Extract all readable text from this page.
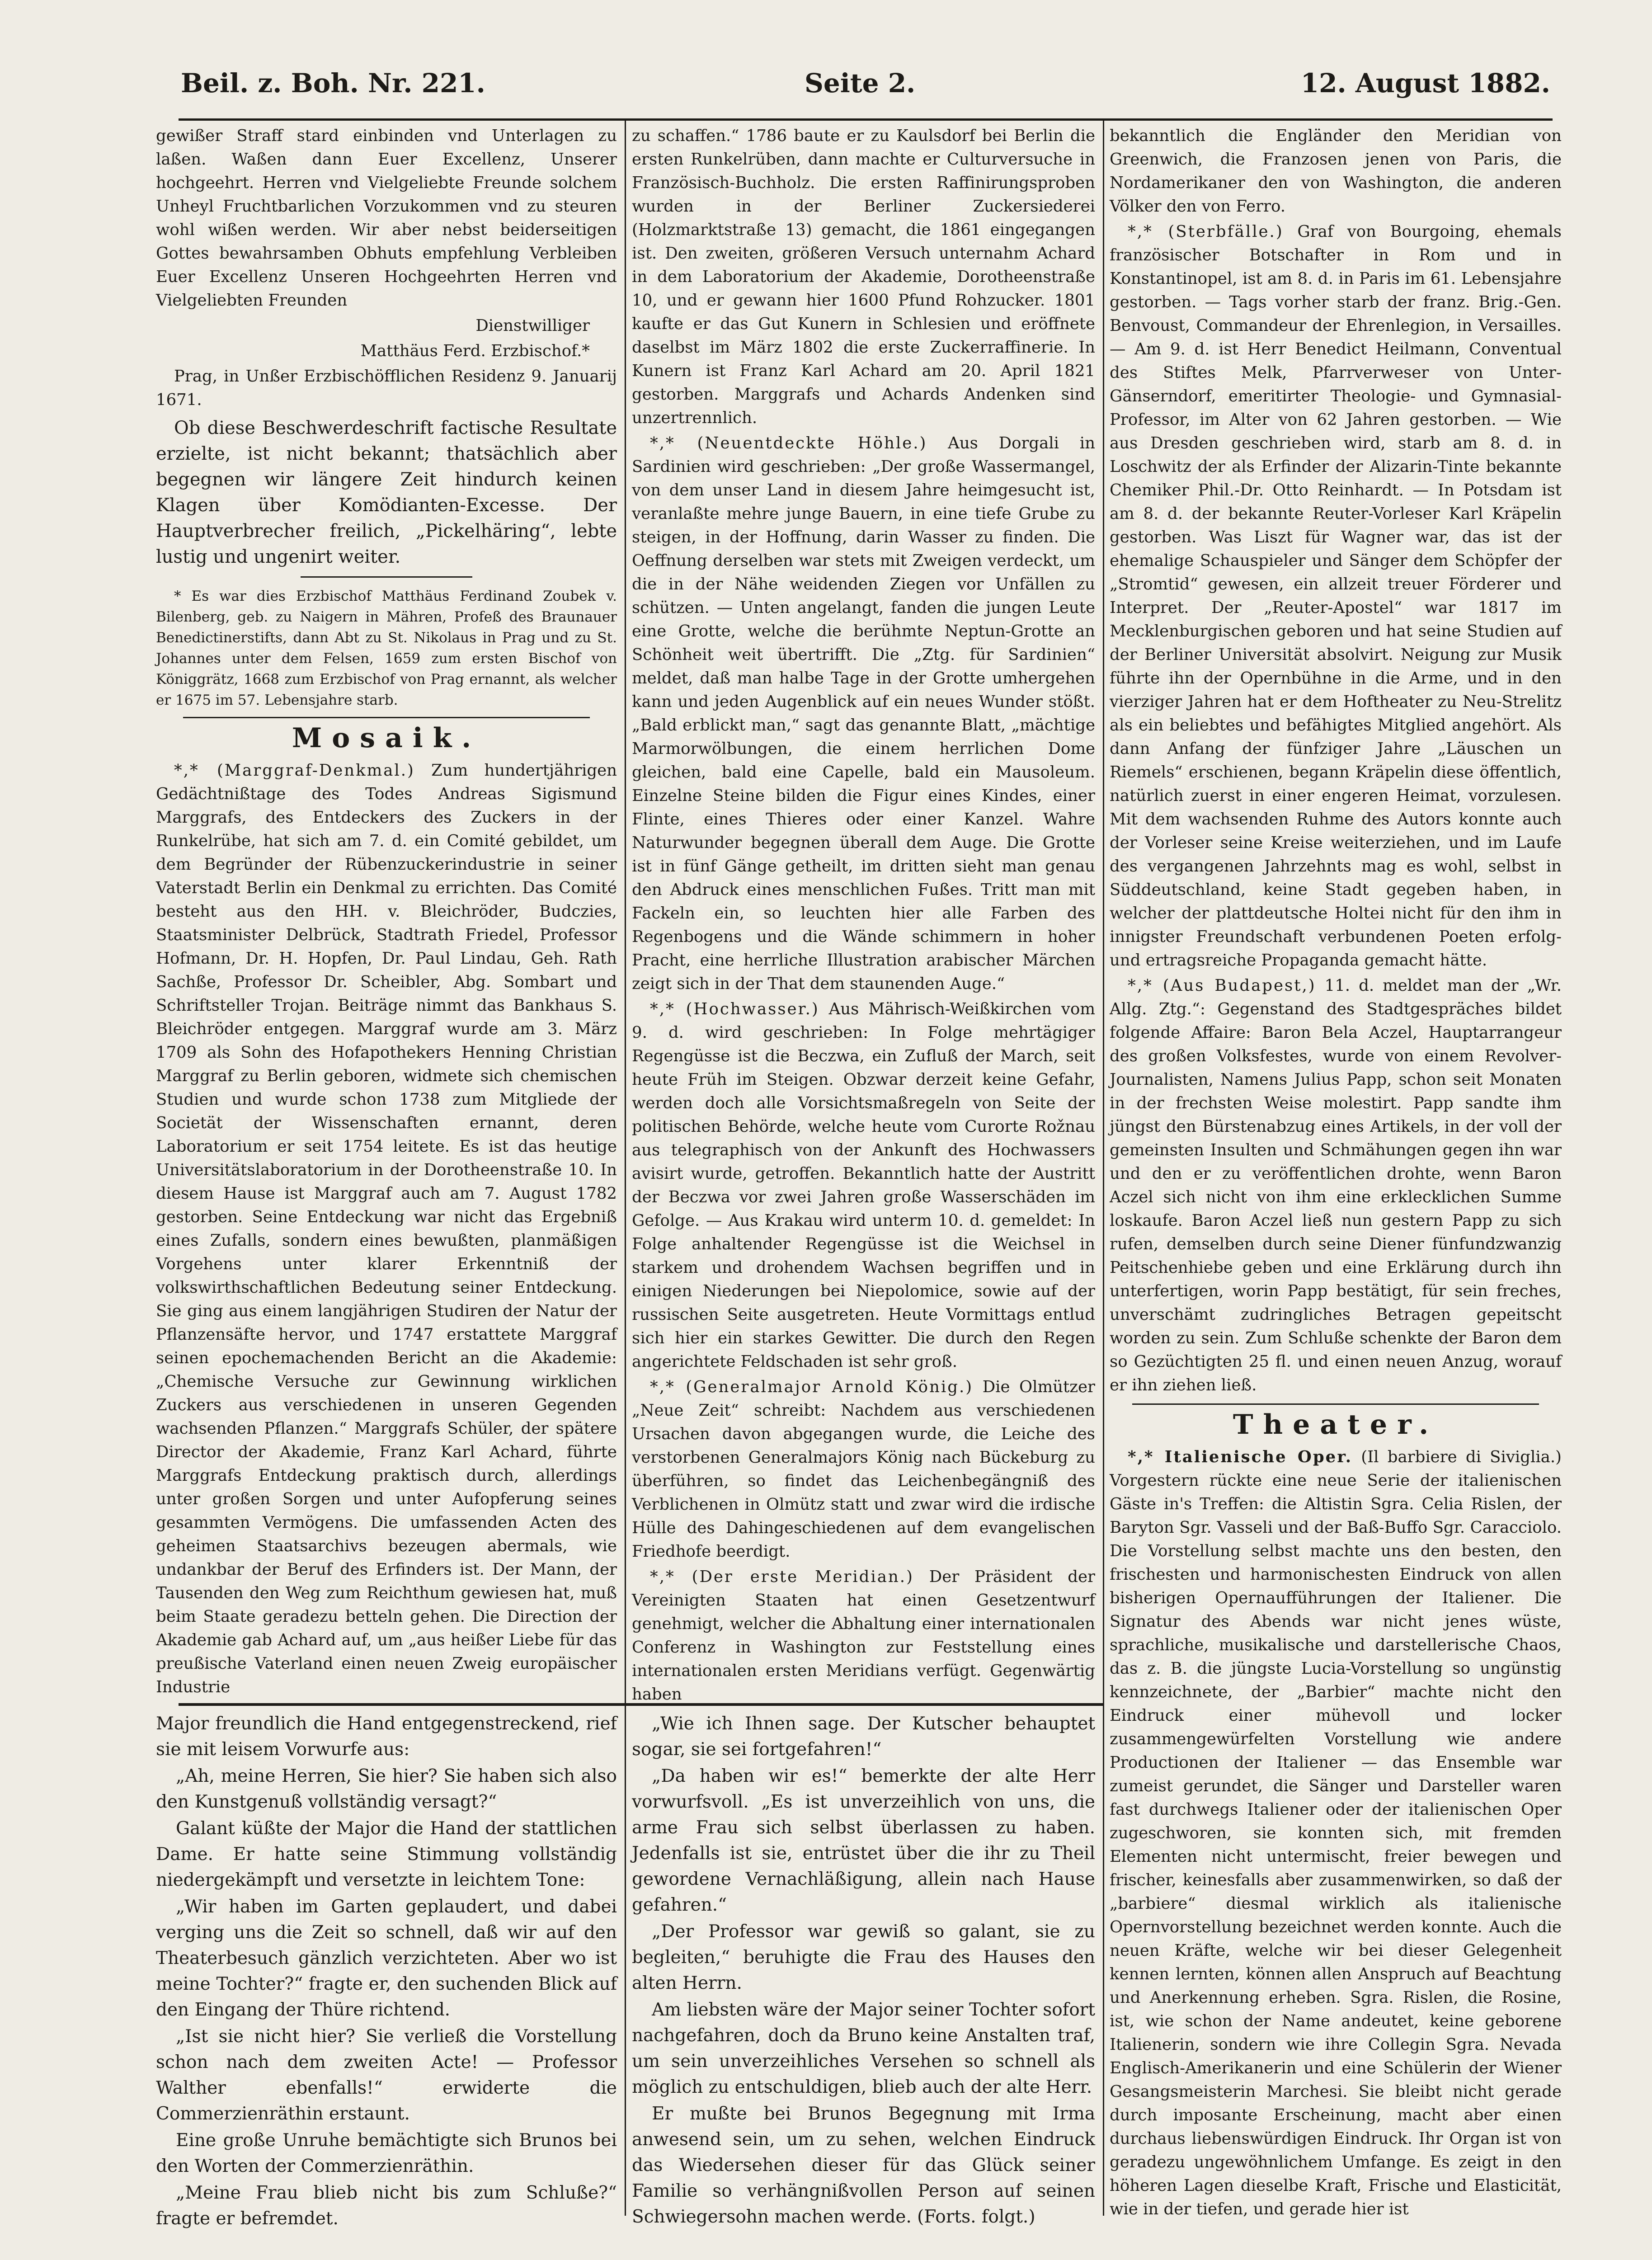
Beil. z. Boh. Nr. 221.	Seite 2.	12. August 1882.

gewißer Straff stard einbinden vnd Unterlagen zu laßen. Waßen dann Euer Excellenz, Unserer hochgeehrt. Herren vnd Vielgeliebte Freunde solchem Unheyl Fruchtbarlichen Vorzukommen vnd zu steuren wohl wißen werden. Wir aber nebst beiderseitigen Gottes bewahrsamben Obhuts empfehlung Verbleiben Euer Excellenz Unseren Hochgeehrten Herren vnd Vielgeliebten Freunden

Dienstwilliger

Matthäus Ferd. Erzbischof.*

Prag, in Unßer Erzbischöfflichen Residenz 9. Januarij 1671.

Ob diese Beschwerdeschrift factische Resultate erzielte, ist nicht bekannt; thatsächlich aber begegnen wir längere Zeit hindurch keinen Klagen über Komödianten-Excesse. Der Hauptverbrecher freilich, „Pickelhäring“, lebte lustig und ungenirt weiter.

* Es war dies Erzbischof Matthäus Ferdinand Zoubek v. Bilenberg, geb. zu Naigern in Mähren, Profeß des Braunauer Benedictinerstifts, dann Abt zu St. Nikolaus in Prag und zu St. Johannes unter dem Felsen, 1659 zum ersten Bischof von Königgrätz, 1668 zum Erzbischof von Prag ernannt, als welcher er 1675 im 57. Lebensjahre starb.

Mosaik.

*,* (Marggraf-Denkmal.) Zum hundertjährigen Gedächtnißtage des Todes Andreas Sigismund Marggrafs, des Entdeckers des Zuckers in der Runkelrübe, hat sich am 7. d. ein Comité gebildet, um dem Begründer der Rübenzuckerindustrie in seiner Vaterstadt Berlin ein Denkmal zu errichten. Das Comité besteht aus den HH. v. Bleichröder, Budczies, Staatsminister Delbrück, Stadtrath Friedel, Professor Hofmann, Dr. H. Hopfen, Dr. Paul Lindau, Geh. Rath Sachße, Professor Dr. Scheibler, Abg. Sombart und Schriftsteller Trojan. Beiträge nimmt das Bankhaus S. Bleichröder entgegen. Marggraf wurde am 3. März 1709 als Sohn des Hofapothekers Henning Christian Marggraf zu Berlin geboren, widmete sich chemischen Studien und wurde schon 1738 zum Mitgliede der Societät der Wissenschaften ernannt, deren Laboratorium er seit 1754 leitete. Es ist das heutige Universitätslaboratorium in der Dorotheenstraße 10. In diesem Hause ist Marggraf auch am 7. August 1782 gestorben. Seine Entdeckung war nicht das Ergebniß eines Zufalls, sondern eines bewußten, planmäßigen Vorgehens unter klarer Erkenntniß der volkswirthschaftlichen Bedeutung seiner Entdeckung. Sie ging aus einem langjährigen Studiren der Natur der Pflanzensäfte hervor, und 1747 erstattete Marggraf seinen epochemachenden Bericht an die Akademie: „Chemische Versuche zur Gewinnung wirklichen Zuckers aus verschiedenen in unseren Gegenden wachsenden Pflanzen.“ Marggrafs Schüler, der spätere Director der Akademie, Franz Karl Achard, führte Marggrafs Entdeckung praktisch durch, allerdings unter großen Sorgen und unter Aufopferung seines gesammten Vermögens. Die umfassenden Acten des geheimen Staatsarchivs bezeugen abermals, wie undankbar der Beruf des Erfinders ist. Der Mann, der Tausenden den Weg zum Reichthum gewiesen hat, muß beim Staate geradezu betteln gehen. Die Direction der Akademie gab Achard auf, um „aus heißer Liebe für das preußische Vaterland einen neuen Zweig europäischer Industrie

zu schaffen.“ 1786 baute er zu Kaulsdorf bei Berlin die ersten Runkelrüben, dann machte er Culturversuche in Französisch-Buchholz. Die ersten Raffinirungsproben wurden in der Berliner Zuckersiederei (Holzmarktstraße 13) gemacht, die 1861 eingegangen ist. Den zweiten, größeren Versuch unternahm Achard in dem Laboratorium der Akademie, Dorotheenstraße 10, und er gewann hier 1600 Pfund Rohzucker. 1801 kaufte er das Gut Kunern in Schlesien und eröffnete daselbst im März 1802 die erste Zuckerraffinerie. In Kunern ist Franz Karl Achard am 20. April 1821 gestorben. Marggrafs und Achards Andenken sind unzertrennlich.

*,* (Neuentdeckte Höhle.) Aus Dorgali in Sardinien wird geschrieben: „Der große Wassermangel, von dem unser Land in diesem Jahre heimgesucht ist, veranlaßte mehre junge Bauern, in eine tiefe Grube zu steigen, in der Hoffnung, darin Wasser zu finden. Die Oeffnung derselben war stets mit Zweigen verdeckt, um die in der Nähe weidenden Ziegen vor Unfällen zu schützen. — Unten angelangt, fanden die jungen Leute eine Grotte, welche die berühmte Neptun-Grotte an Schönheit weit übertrifft. Die „Ztg. für Sardinien“ meldet, daß man halbe Tage in der Grotte umhergehen kann und jeden Augenblick auf ein neues Wunder stößt. „Bald erblickt man,“ sagt das genannte Blatt, „mächtige Marmorwölbungen, die einem herrlichen Dome gleichen, bald eine Capelle, bald ein Mausoleum. Einzelne Steine bilden die Figur eines Kindes, einer Flinte, eines Thieres oder einer Kanzel. Wahre Naturwunder begegnen überall dem Auge. Die Grotte ist in fünf Gänge getheilt, im dritten sieht man genau den Abdruck eines menschlichen Fußes. Tritt man mit Fackeln ein, so leuchten hier alle Farben des Regenbogens und die Wände schimmern in hoher Pracht, eine herrliche Illustration arabischer Märchen zeigt sich in der That dem staunenden Auge.“

*,* (Hochwasser.) Aus Mährisch-Weißkirchen vom 9. d. wird geschrieben: In Folge mehrtägiger Regengüsse ist die Beczwa, ein Zufluß der March, seit heute Früh im Steigen. Obzwar derzeit keine Gefahr, werden doch alle Vorsichtsmaßregeln von Seite der politischen Behörde, welche heute vom Curorte Rožnau aus telegraphisch von der Ankunft des Hochwassers avisirt wurde, getroffen. Bekanntlich hatte der Austritt der Beczwa vor zwei Jahren große Wasserschäden im Gefolge. — Aus Krakau wird unterm 10. d. gemeldet: In Folge anhaltender Regengüsse ist die Weichsel in starkem und drohendem Wachsen begriffen und in einigen Niederungen bei Niepolomice, sowie auf der russischen Seite ausgetreten. Heute Vormittags entlud sich hier ein starkes Gewitter. Die durch den Regen angerichtete Feldschaden ist sehr groß.

*,* (Generalmajor Arnold König.) Die Olmützer „Neue Zeit“ schreibt: Nachdem aus verschiedenen Ursachen davon abgegangen wurde, die Leiche des verstorbenen Generalmajors König nach Bückeburg zu überführen, so findet das Leichenbegängniß des Verblichenen in Olmütz statt und zwar wird die irdische Hülle des Dahingeschiedenen auf dem evangelischen Friedhofe beerdigt.

*,* (Der erste Meridian.) Der Präsident der Vereinigten Staaten hat einen Gesetzentwurf genehmigt, welcher die Abhaltung einer internationalen Conferenz in Washington zur Feststellung eines internationalen ersten Meridians verfügt. Gegenwärtig haben

bekanntlich die Engländer den Meridian von Greenwich, die Franzosen jenen von Paris, die Nordamerikaner den von Washington, die anderen Völker den von Ferro.

*,* (Sterbfälle.) Graf von Bourgoing, ehemals französischer Botschafter in Rom und in Konstantinopel, ist am 8. d. in Paris im 61. Lebensjahre gestorben. — Tags vorher starb der franz. Brig.-Gen. Benvoust, Commandeur der Ehrenlegion, in Versailles. — Am 9. d. ist Herr Benedict Heilmann, Conventual des Stiftes Melk, Pfarrverweser von Unter-Gänserndorf, emeritirter Theologie- und Gymnasial-Professor, im Alter von 62 Jahren gestorben. — Wie aus Dresden geschrieben wird, starb am 8. d. in Loschwitz der als Erfinder der Alizarin-Tinte bekannte Chemiker Phil.-Dr. Otto Reinhardt. — In Potsdam ist am 8. d. der bekannte Reuter-Vorleser Karl Kräpelin gestorben. Was Liszt für Wagner war, das ist der ehemalige Schauspieler und Sänger dem Schöpfer der „Stromtid“ gewesen, ein allzeit treuer Förderer und Interpret. Der „Reuter-Apostel“ war 1817 im Mecklenburgischen geboren und hat seine Studien auf der Berliner Universität absolvirt. Neigung zur Musik führte ihn der Opernbühne in die Arme, und in den vierziger Jahren hat er dem Hoftheater zu Neu-Strelitz als ein beliebtes und befähigtes Mitglied angehört. Als dann Anfang der fünfziger Jahre „Läuschen un Riemels“ erschienen, begann Kräpelin diese öffentlich, natürlich zuerst in einer engeren Heimat, vorzulesen. Mit dem wachsenden Ruhme des Autors konnte auch der Vorleser seine Kreise weiterziehen, und im Laufe des vergangenen Jahrzehnts mag es wohl, selbst in Süddeutschland, keine Stadt gegeben haben, in welcher der plattdeutsche Holtei nicht für den ihm in innigster Freundschaft verbundenen Poeten erfolg- und ertragsreiche Propaganda gemacht hätte.

*,* (Aus Budapest,) 11. d. meldet man der „Wr. Allg. Ztg.“: Gegenstand des Stadtgespräches bildet folgende Affaire: Baron Bela Aczel, Hauptarrangeur des großen Volksfestes, wurde von einem Revolver-Journalisten, Namens Julius Papp, schon seit Monaten in der frechsten Weise molestirt. Papp sandte ihm jüngst den Bürstenabzug eines Artikels, in der voll der gemeinsten Insulten und Schmähungen gegen ihn war und den er zu veröffentlichen drohte, wenn Baron Aczel sich nicht von ihm eine erklecklichen Summe loskaufe. Baron Aczel ließ nun gestern Papp zu sich rufen, demselben durch seine Diener fünfundzwanzig Peitschenhiebe geben und eine Erklärung durch ihn unterfertigen, worin Papp bestätigt, für sein freches, unverschämt zudringliches Betragen gepeitscht worden zu sein. Zum Schluße schenkte der Baron dem so Gezüchtigten 25 fl. und einen neuen Anzug, worauf er ihn ziehen ließ.

Theater.

*,* Italienische Oper. (Il barbiere di Siviglia.) Vorgestern rückte eine neue Serie der italienischen Gäste in's Treffen: die Altistin Sgra. Celia Rislen, der Baryton Sgr. Vasseli und der Baß-Buffo Sgr. Caracciolo. Die Vorstellung selbst machte uns den besten, den frischesten und harmonischesten Eindruck von allen bisherigen Opernaufführungen der Italiener. Die Signatur des Abends war nicht jenes wüste, sprachliche, musikalische und darstellerische Chaos, das z. B. die jüngste Lucia-Vorstellung so ungünstig kennzeichnete, der „Barbier“ machte nicht den Eindruck einer mühevoll und locker zusammengewürfelten Vorstellung wie andere Productionen der Italiener — das Ensemble war zumeist gerundet, die Sänger und Darsteller waren fast durchwegs Italiener oder der italienischen Oper zugeschworen, sie konnten sich, mit fremden Elementen nicht untermischt, freier bewegen und frischer, keinesfalls aber zusammenwirken, so daß der „barbiere“ diesmal wirklich als italienische Opernvorstellung bezeichnet werden konnte. Auch die neuen Kräfte, welche wir bei dieser Gelegenheit kennen lernten, können allen Anspruch auf Beachtung und Anerkennung erheben. Sgra. Rislen, die Rosine, ist, wie schon der Name andeutet, keine geborene Italienerin, sondern wie ihre Collegin Sgra. Nevada Englisch-Amerikanerin und eine Schülerin der Wiener Gesangsmeisterin Marchesi. Sie bleibt nicht gerade durch imposante Erscheinung, macht aber einen durchaus liebenswürdigen Eindruck. Ihr Organ ist von geradezu ungewöhnlichem Umfange. Es zeigt in den höheren Lagen dieselbe Kraft, Frische und Elasticität, wie in der tiefen, und gerade hier ist

Major freundlich die Hand entgegenstreckend, rief sie mit leisem Vorwurfe aus:

„Ah, meine Herren, Sie hier? Sie haben sich also den Kunstgenuß vollständig versagt?“

Galant küßte der Major die Hand der stattlichen Dame. Er hatte seine Stimmung vollständig niedergekämpft und versetzte in leichtem Tone:

„Wir haben im Garten geplaudert, und dabei verging uns die Zeit so schnell, daß wir auf den Theaterbesuch gänzlich verzichteten. Aber wo ist meine Tochter?“ fragte er, den suchenden Blick auf den Eingang der Thüre richtend.

„Ist sie nicht hier? Sie verließ die Vorstellung schon nach dem zweiten Acte! — Professor Walther ebenfalls!“ erwiderte die Commerzienräthin erstaunt.

Eine große Unruhe bemächtigte sich Brunos bei den Worten der Commerzienräthin.

„Meine Frau blieb nicht bis zum Schluße?“ fragte er befremdet.

„Wie ich Ihnen sage. Der Kutscher behauptet sogar, sie sei fortgefahren!“

„Da haben wir es!“ bemerkte der alte Herr vorwurfsvoll. „Es ist unverzeihlich von uns, die arme Frau sich selbst überlassen zu haben. Jedenfalls ist sie, entrüstet über die ihr zu Theil gewordene Vernachläßigung, allein nach Hause gefahren.“

„Der Professor war gewiß so galant, sie zu begleiten,“ beruhigte die Frau des Hauses den alten Herrn.

Am liebsten wäre der Major seiner Tochter sofort nachgefahren, doch da Bruno keine Anstalten traf, um sein unverzeihliches Versehen so schnell als möglich zu entschuldigen, blieb auch der alte Herr.

Er mußte bei Brunos Begegnung mit Irma anwesend sein, um zu sehen, welchen Eindruck das Wiedersehen dieser für das Glück seiner Familie so verhängnißvollen Person auf seinen Schwiegersohn machen werde. (Forts. folgt.)
